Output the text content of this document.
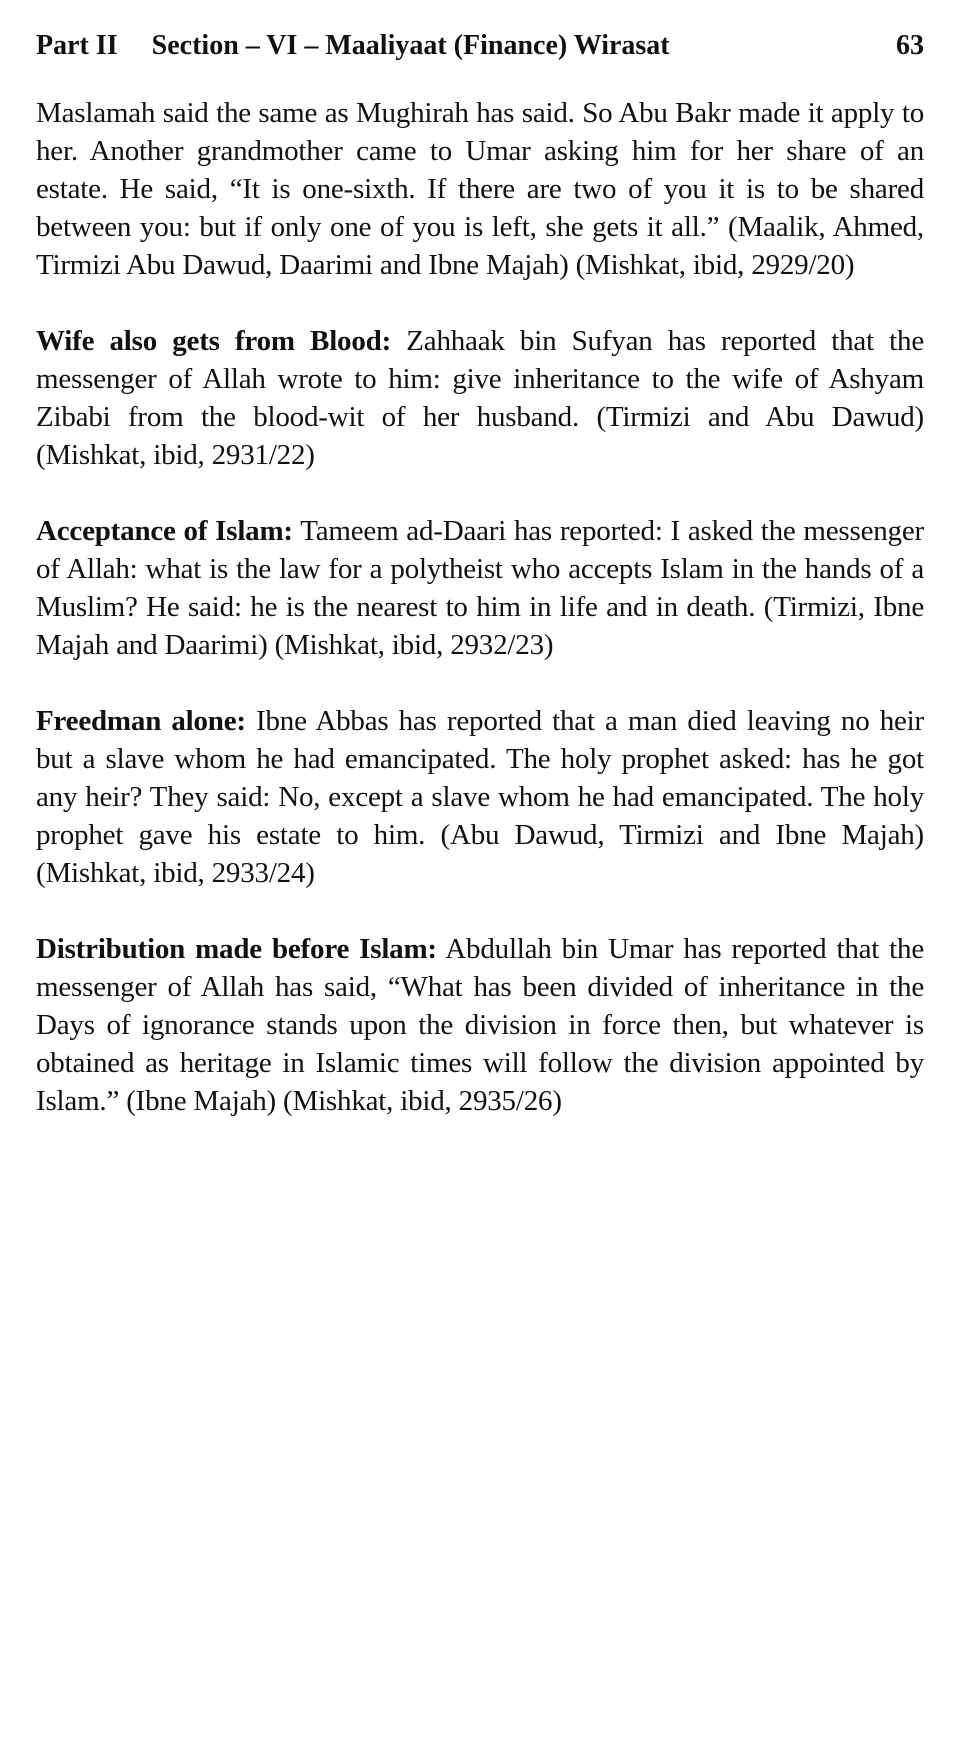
Part II Section – VI – Maaliyaat (Finance) Wirasat	63

Maslamah said the same as Mughirah has said. So Abu Bakr made it apply to her. Another grandmother came to Umar asking him for her share of an estate. He said, “It is one-sixth. If there are two of you it is to be shared between you: but if only one of you is left, she gets it all.” (Maalik, Ahmed, Tirmizi Abu Dawud, Daarimi and Ibne Majah) (Mishkat, ibid, 2929/20)

Wife also gets from Blood: Zahhaak bin Sufyan has reported that the messenger of Allah wrote to him: give inheritance to the wife of Ashyam Zibabi from the blood-wit of her husband. (Tirmizi and Abu Dawud) (Mishkat, ibid, 2931/22)

Acceptance of Islam: Tameem ad-Daari has reported: I asked the messenger of Allah: what is the law for a polytheist who accepts Islam in the hands of a Muslim? He said: he is the nearest to him in life and in death. (Tirmizi, Ibne Majah and Daarimi) (Mishkat, ibid, 2932/23)

Freedman alone: Ibne Abbas has reported that a man died leaving no heir but a slave whom he had emancipated. The holy prophet asked: has he got any heir? They said: No, except a slave whom he had emancipated. The holy prophet gave his estate to him. (Abu Dawud, Tirmizi and Ibne Majah) (Mishkat, ibid, 2933/24)

Distribution made before Islam: Abdullah bin Umar has reported that the messenger of Allah has said, “What has been divided of inheritance in the Days of ignorance stands upon the division in force then, but whatever is obtained as heritage in Islamic times will follow the division appointed by Islam.” (Ibne Majah) (Mishkat, ibid, 2935/26)
